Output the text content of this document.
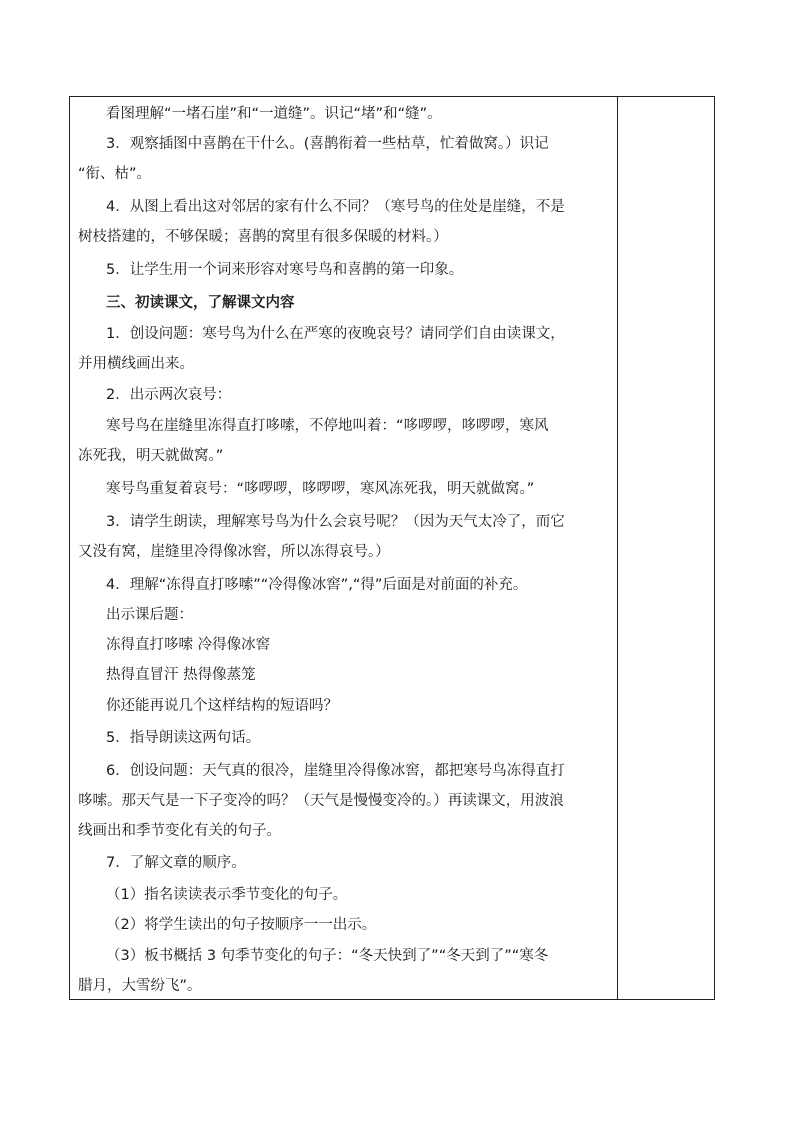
看图理解“一堵石崖”和“一道缝”。识记“堵”和“缝”。
3．观察插图中喜鹊在干什么。(喜鹊衔着一些枯草，忙着做窝。）识记
“衔、枯”。
4．从图上看出这对邻居的家有什么不同？（寒号鸟的住处是崖缝，不是
树枝搭建的，不够保暖；喜鹊的窝里有很多保暖的材料。）
5．让学生用一个词来形容对寒号鸟和喜鹊的第一印象。
三、初读课文，了解课文内容
1．创设问题：寒号鸟为什么在严寒的夜晚哀号？请同学们自由读课文，
并用横线画出来。
2．出示两次哀号：
寒号鸟在崖缝里冻得直打哆嗦，不停地叫着：“哆啰啰，哆啰啰，寒风
冻死我，明天就做窝。”
寒号鸟重复着哀号：“哆啰啰，哆啰啰，寒风冻死我，明天就做窝。”
3．请学生朗读，理解寒号鸟为什么会哀号呢？（因为天气太冷了，而它
又没有窝，崖缝里冷得像冰窖，所以冻得哀号。）
4．理解“冻得直打哆嗦”“冷得像冰窖”,“得”后面是对前面的补充。
出示课后题：
冻得直打哆嗦 冷得像冰窖
热得直冒汗 热得像蒸笼
你还能再说几个这样结构的短语吗？
5．指导朗读这两句话。
6．创设问题：天气真的很冷，崖缝里冷得像冰窖，都把寒号鸟冻得直打
哆嗦。那天气是一下子变冷的吗？（天气是慢慢变冷的。）再读课文，用波浪
线画出和季节变化有关的句子。
7．了解文章的顺序。
（1）指名读读表示季节变化的句子。
（2）将学生读出的句子按顺序一一出示。
（3）板书概括 3 句季节变化的句子：“冬天快到了”“冬天到了”“寒冬
腊月，大雪纷飞”。
